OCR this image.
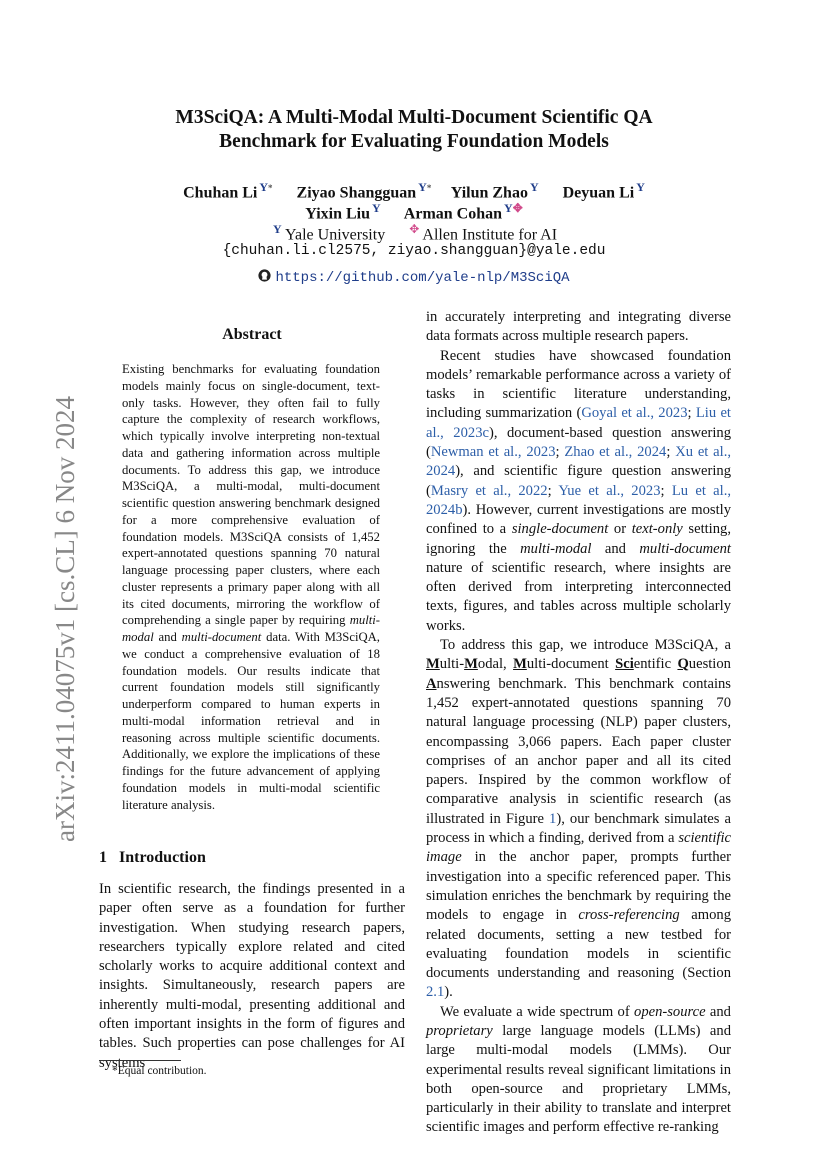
arXiv:2411.04075v1 [cs.CL] 6 Nov 2024
M3SciQA: A Multi-Modal Multi-Document Scientific QA
Benchmark for Evaluating Foundation Models
Chuhan Li $^{Y*}$ Ziyao Shangguan $^{Y*}$ Yilun Zhao $^Y$ Deyuan Li $^Y$
Yixin Liu $^Y$ Arman Cohan $^{Y✥}$
$^Y$ Yale University ✥ Allen Institute for AI
{chuhan.li.cl2575, ziyao.shangguan}@yale.edu
https://github.com/yale-nlp/M3SciQA
Abstract
Existing benchmarks for evaluating foundation models mainly focus on single-document, text-only tasks. However, they often fail to fully capture the complexity of research workflows, which typically involve interpreting non-textual data and gathering information across multiple documents. To address this gap, we introduce M3SciQA, a multi-modal, multi-document scientific question answering benchmark designed for a more comprehensive evaluation of foundation models. M3SciQA consists of 1,452 expert-annotated questions spanning 70 natural language processing paper clusters, where each cluster represents a primary paper along with all its cited documents, mirroring the workflow of comprehending a single paper by requiring multi-modal and multi-document data. With M3SciQA, we conduct a comprehensive evaluation of 18 foundation models. Our results indicate that current foundation models still significantly underperform compared to human experts in multi-modal information retrieval and in reasoning across multiple scientific documents. Additionally, we explore the implications of these findings for the future advancement of applying foundation models in multi-modal scientific literature analysis.
1   Introduction

In scientific research, the findings presented in a paper often serve as a foundation for further investigation. When studying research papers, researchers typically explore related and cited scholarly works to acquire additional context and insights. Simultaneously, research papers are inherently multi-modal, presenting additional and often important insights in the form of figures and tables. Such properties can pose challenges for AI systems

*Equal contribution.

in accurately interpreting and integrating diverse data formats across multiple research papers.

Recent studies have showcased foundation models’ remarkable performance across a variety of tasks in scientific literature understanding, including summarization (Goyal et al., 2023; Liu et al., 2023c), document-based question answering (Newman et al., 2023; Zhao et al., 2024; Xu et al., 2024), and scientific figure question answering (Masry et al., 2022; Yue et al., 2023; Lu et al., 2024b). However, current investigations are mostly confined to a single-document or text-only setting, ignoring the multi-modal and multi-document nature of scientific research, where insights are often derived from interpreting interconnected texts, figures, and tables across multiple scholarly works.

To address this gap, we introduce M3SciQA, a Multi-Modal, Multi-document Scientific Question Answering benchmark. This benchmark contains 1,452 expert-annotated questions spanning 70 natural language processing (NLP) paper clusters, encompassing 3,066 papers. Each paper cluster comprises of an anchor paper and all its cited papers. Inspired by the common workflow of comparative analysis in scientific research (as illustrated in Figure 1), our benchmark simulates a process in which a finding, derived from a scientific image in the anchor paper, prompts further investigation into a specific referenced paper. This simulation enriches the benchmark by requiring the models to engage in cross-referencing among related documents, setting a new testbed for evaluating foundation models in scientific documents understanding and reasoning (Section 2.1).

We evaluate a wide spectrum of open-source and proprietary large language models (LLMs) and large multi-modal models (LMMs). Our experimental results reveal significant limitations in both open-source and proprietary LMMs, particularly in their ability to translate and interpret scientific images and perform effective re-ranking
